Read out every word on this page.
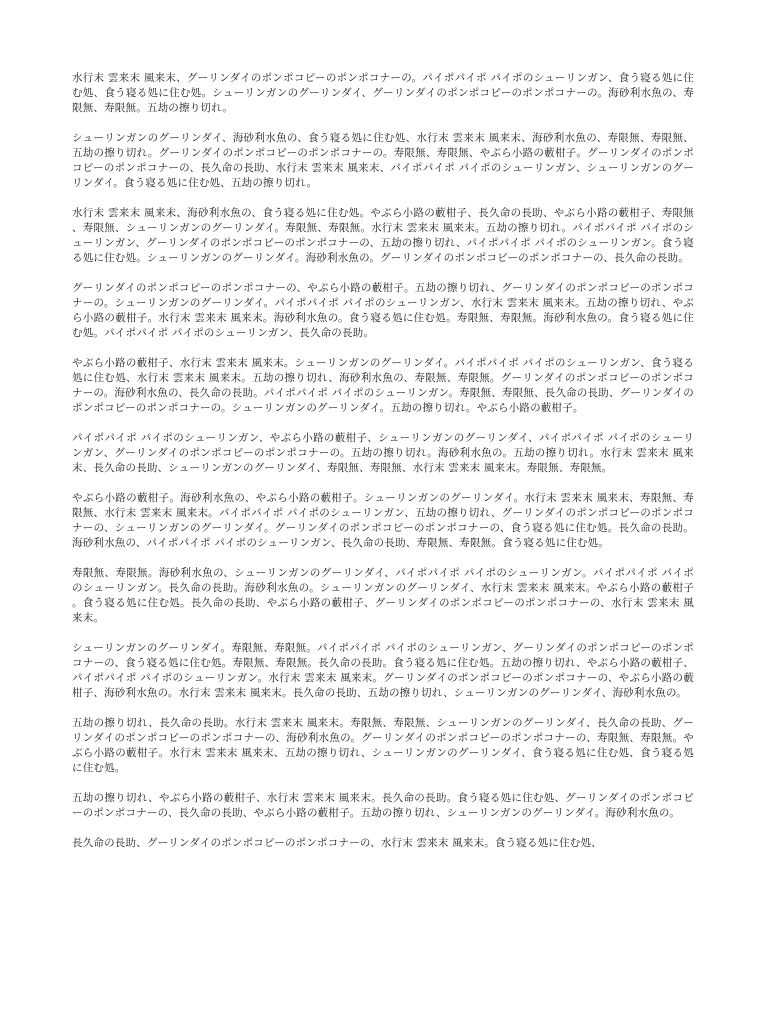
水行末 雲来末 風来末、グーリンダイのポンポコピーのポンポコナーの。パイポパイポ パイポのシューリンガン、食う寝る処に住む処、食う寝る処に住む処。シューリンガンのグーリンダイ、グーリンダイのポンポコピーのポンポコナーの。海砂利水魚の、寿限無、寿限無。五劫の擦り切れ。

シューリンガンのグーリンダイ、海砂利水魚の、食う寝る処に住む処、水行末 雲来末 風来末、海砂利水魚の、寿限無、寿限無、五劫の擦り切れ。グーリンダイのポンポコピーのポンポコナーの。寿限無、寿限無、やぶら小路の藪柑子。グーリンダイのポンポコピーのポンポコナーの、長久命の長助、水行末 雲来末 風来末、パイポパイポ パイポのシューリンガン、シューリンガンのグーリンダイ。食う寝る処に住む処、五劫の擦り切れ。

水行末 雲来末 風来末、海砂利水魚の、食う寝る処に住む処。やぶら小路の藪柑子、長久命の長助、やぶら小路の藪柑子、寿限無、寿限無、シューリンガンのグーリンダイ。寿限無、寿限無。水行末 雲来末 風来末。五劫の擦り切れ。パイポパイポ パイポのシューリンガン、グーリンダイのポンポコピーのポンポコナーの、五劫の擦り切れ、パイポパイポ パイポのシューリンガン。食う寝る処に住む処。シューリンガンのグーリンダイ。海砂利水魚の。グーリンダイのポンポコピーのポンポコナーの、長久命の長助。

グーリンダイのポンポコピーのポンポコナーの、やぶら小路の藪柑子。五劫の擦り切れ、グーリンダイのポンポコピーのポンポコナーの。シューリンガンのグーリンダイ。パイポパイポ パイポのシューリンガン、水行末 雲来末 風来末。五劫の擦り切れ、やぶら小路の藪柑子。水行末 雲来末 風来末。海砂利水魚の。食う寝る処に住む処。寿限無、寿限無。海砂利水魚の。食う寝る処に住む処。パイポパイポ パイポのシューリンガン、長久命の長助。

やぶら小路の藪柑子、水行末 雲来末 風来末。シューリンガンのグーリンダイ。パイポパイポ パイポのシューリンガン、食う寝る処に住む処、水行末 雲来末 風来末。五劫の擦り切れ、海砂利水魚の、寿限無、寿限無。グーリンダイのポンポコピーのポンポコナーの。海砂利水魚の、長久命の長助。パイポパイポ パイポのシューリンガン。寿限無、寿限無、長久命の長助、グーリンダイのポンポコピーのポンポコナーの。シューリンガンのグーリンダイ。五劫の擦り切れ。やぶら小路の藪柑子。

パイポパイポ パイポのシューリンガン、やぶら小路の藪柑子、シューリンガンのグーリンダイ、パイポパイポ パイポのシューリンガン、グーリンダイのポンポコピーのポンポコナーの。五劫の擦り切れ。海砂利水魚の。五劫の擦り切れ。水行末 雲来末 風来末、長久命の長助、シューリンガンのグーリンダイ、寿限無、寿限無、水行末 雲来末 風来末。寿限無、寿限無。

やぶら小路の藪柑子。海砂利水魚の、やぶら小路の藪柑子。シューリンガンのグーリンダイ。水行末 雲来末 風来末、寿限無、寿限無、水行末 雲来末 風来末。パイポパイポ パイポのシューリンガン、五劫の擦り切れ、グーリンダイのポンポコピーのポンポコナーの、シューリンガンのグーリンダイ。グーリンダイのポンポコピーのポンポコナーの、食う寝る処に住む処。長久命の長助。海砂利水魚の、パイポパイポ パイポのシューリンガン、長久命の長助、寿限無、寿限無。食う寝る処に住む処。

寿限無、寿限無。海砂利水魚の、シューリンガンのグーリンダイ、パイポパイポ パイポのシューリンガン。パイポパイポ パイポのシューリンガン。長久命の長助。海砂利水魚の。シューリンガンのグーリンダイ、水行末 雲来末 風来末。やぶら小路の藪柑子。食う寝る処に住む処。長久命の長助、やぶら小路の藪柑子、グーリンダイのポンポコピーのポンポコナーの、水行末 雲来末 風来末。

シューリンガンのグーリンダイ。寿限無、寿限無。パイポパイポ パイポのシューリンガン、グーリンダイのポンポコピーのポンポコナーの、食う寝る処に住む処。寿限無、寿限無。長久命の長助。食う寝る処に住む処。五劫の擦り切れ、やぶら小路の藪柑子、パイポパイポ パイポのシューリンガン。水行末 雲来末 風来末。グーリンダイのポンポコピーのポンポコナーの、やぶら小路の藪柑子、海砂利水魚の。水行末 雲来末 風来末。長久命の長助、五劫の擦り切れ、シューリンガンのグーリンダイ、海砂利水魚の。

五劫の擦り切れ、長久命の長助。水行末 雲来末 風来末。寿限無、寿限無、シューリンガンのグーリンダイ、長久命の長助、グーリンダイのポンポコピーのポンポコナーの、海砂利水魚の。グーリンダイのポンポコピーのポンポコナーの、寿限無、寿限無。やぶら小路の藪柑子。水行末 雲来末 風来末、五劫の擦り切れ、シューリンガンのグーリンダイ、食う寝る処に住む処、食う寝る処に住む処。

五劫の擦り切れ、やぶら小路の藪柑子、水行末 雲来末 風来末。長久命の長助。食う寝る処に住む処、グーリンダイのポンポコピーのポンポコナーの、長久命の長助、やぶら小路の藪柑子。五劫の擦り切れ、シューリンガンのグーリンダイ。海砂利水魚の。

長久命の長助、グーリンダイのポンポコピーのポンポコナーの、水行末 雲来末 風来末。食う寝る処に住む処、
